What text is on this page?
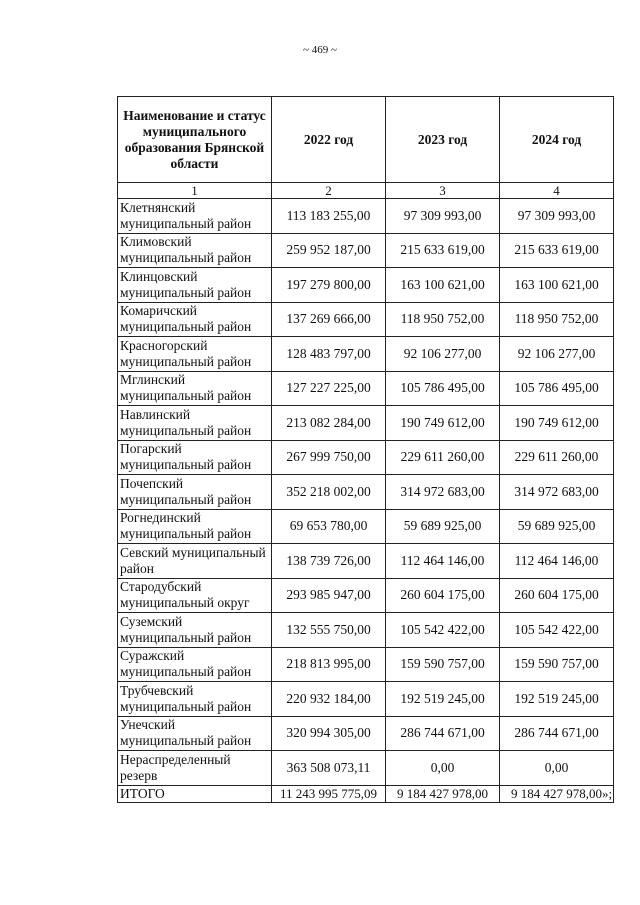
~ 469 ~
Наименование и статус муниципального образования Брянской области	2022 год	2023 год	2024 год
1	2	3	4
Клетнянский муниципальный район	113 183 255,00	97 309 993,00	97 309 993,00
Климовский муниципальный район	259 952 187,00	215 633 619,00	215 633 619,00
Клинцовский муниципальный район	197 279 800,00	163 100 621,00	163 100 621,00
Комаричский муниципальный район	137 269 666,00	118 950 752,00	118 950 752,00
Красногорский муниципальный район	128 483 797,00	92 106 277,00	92 106 277,00
Мглинский муниципальный район	127 227 225,00	105 786 495,00	105 786 495,00
Навлинский муниципальный район	213 082 284,00	190 749 612,00	190 749 612,00
Погарский муниципальный район	267 999 750,00	229 611 260,00	229 611 260,00
Почепский муниципальный район	352 218 002,00	314 972 683,00	314 972 683,00
Рогнединский муниципальный район	69 653 780,00	59 689 925,00	59 689 925,00
Севский муниципальный район	138 739 726,00	112 464 146,00	112 464 146,00
Стародубский муниципальный округ	293 985 947,00	260 604 175,00	260 604 175,00
Суземский муниципальный район	132 555 750,00	105 542 422,00	105 542 422,00
Суражский муниципальный район	218 813 995,00	159 590 757,00	159 590 757,00
Трубчевский муниципальный район	220 932 184,00	192 519 245,00	192 519 245,00
Унечский муниципальный район	320 994 305,00	286 744 671,00	286 744 671,00
Нераспределенный резерв	363 508 073,11	0,00	0,00
ИТОГО	11 243 995 775,09	9 184 427 978,00	9 184 427 978,00 »;
